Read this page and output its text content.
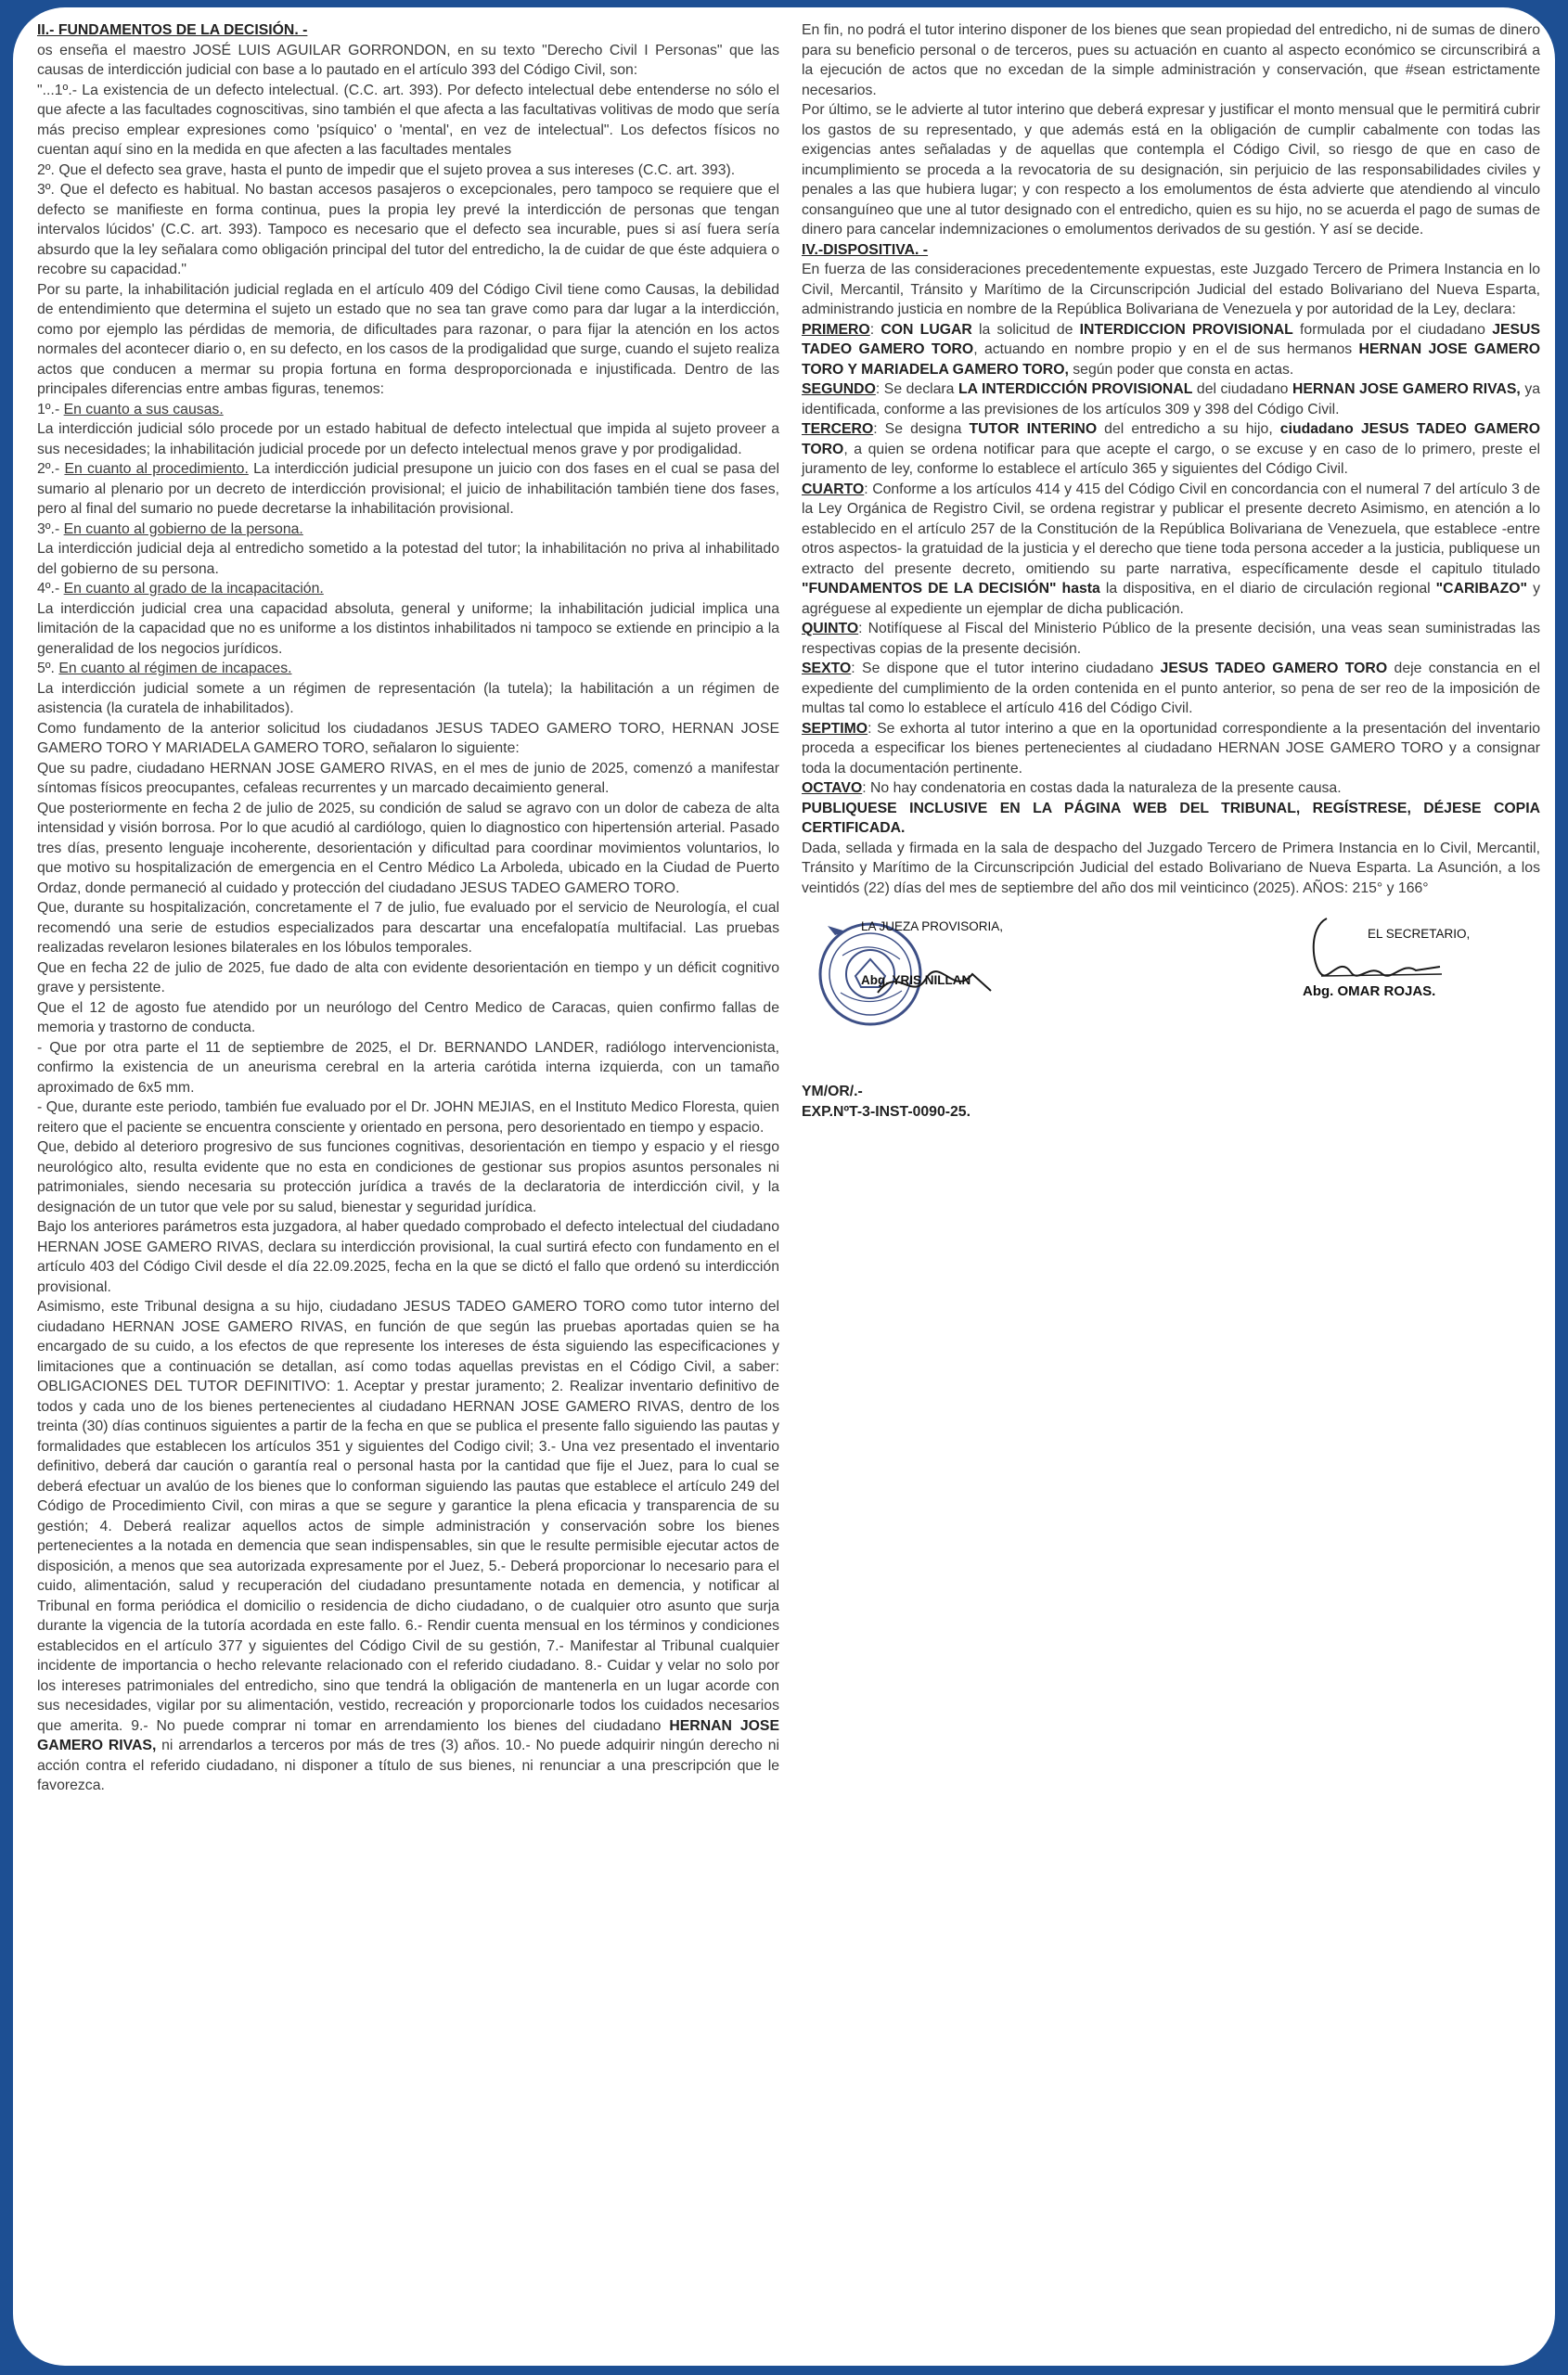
II.- FUNDAMENTOS DE LA DECISIÓN. -

os enseña el maestro JOSÉ LUIS AGUILAR GORRONDON, en su texto "Derecho Civil I Personas" que las causas de interdicción judicial con base a lo pautado en el artículo 393 del Código Civil, son:

"...1º.- La existencia de un defecto intelectual. (C.C. art. 393). Por defecto intelectual debe entenderse no sólo el que afecte a las facultades cognoscitivas, sino también el que afecta a las facultativas volitivas de modo que sería más preciso emplear expresiones como 'psíquico' o 'mental', en vez de intelectual". Los defectos físicos no cuentan aquí sino en la medida en que afecten a las facultades mentales

2º. Que el defecto sea grave, hasta el punto de impedir que el sujeto provea a sus intereses (C.C. art. 393).

3º. Que el defecto es habitual. No bastan accesos pasajeros o excepcionales, pero tampoco se requiere que el defecto se manifieste en forma continua, pues la propia ley prevé la interdicción de personas que tengan intervalos lúcidos' (C.C. art. 393). Tampoco es necesario que el defecto sea incurable, pues si así fuera sería absurdo que la ley señalara como obligación principal del tutor del entredicho, la de cuidar de que éste adquiera o recobre su capacidad."

Por su parte, la inhabilitación judicial reglada en el artículo 409 del Código Civil tiene como Causas, la debilidad de entendimiento que determina el sujeto un estado que no sea tan grave como para dar lugar a la interdicción, como por ejemplo las pérdidas de memoria, de dificultades para razonar, o para fijar la atención en los actos normales del acontecer diario o, en su defecto, en los casos de la prodigalidad que surge, cuando el sujeto realiza actos que conducen a mermar su propia fortuna en forma desproporcionada e injustificada. Dentro de las principales diferencias entre ambas figuras, tenemos:

1º.- En cuanto a sus causas.

La interdicción judicial sólo procede por un estado habitual de defecto intelectual que impida al sujeto proveer a sus necesidades; la inhabilitación judicial procede por un defecto intelectual menos grave y por prodigalidad.

2º.- En cuanto al procedimiento. La interdicción judicial presupone un juicio con dos fases en el cual se pasa del sumario al plenario por un decreto de interdicción provisional; el juicio de inhabilitación también tiene dos fases, pero al final del sumario no puede decretarse la inhabilitación provisional.

3º.- En cuanto al gobierno de la persona.

La interdicción judicial deja al entredicho sometido a la potestad del tutor; la inhabilitación no priva al inhabilitado del gobierno de su persona.

4º.- En cuanto al grado de la incapacitación.

La interdicción judicial crea una capacidad absoluta, general y uniforme; la inhabilitación judicial implica una limitación de la capacidad que no es uniforme a los distintos inhabilitados ni tampoco se extiende en principio a la generalidad de los negocios jurídicos.

5º. En cuanto al régimen de incapaces.

La interdicción judicial somete a un régimen de representación (la tutela); la habilitación a un régimen de asistencia (la curatela de inhabilitados).

Como fundamento de la anterior solicitud los ciudadanos JESUS TADEO GAMERO TORO, HERNAN JOSE GAMERO TORO Y MARIADELA GAMERO TORO, señalaron lo siguiente:

Que su padre, ciudadano HERNAN JOSE GAMERO RIVAS, en el mes de junio de 2025, comenzó a manifestar síntomas físicos preocupantes, cefaleas recurrentes y un marcado decaimiento general.

Que posteriormente en fecha 2 de julio de 2025, su condición de salud se agravo con un dolor de cabeza de alta intensidad y visión borrosa. Por lo que acudió al cardiólogo, quien lo diagnostico con hipertensión arterial. Pasado tres días, presento lenguaje incoherente, desorientación y dificultad para coordinar movimientos voluntarios, lo que motivo su hospitalización de emergencia en el Centro Médico La Arboleda, ubicado en la Ciudad de Puerto Ordaz, donde permaneció al cuidado y protección del ciudadano JESUS TADEO GAMERO TORO.

Que, durante su hospitalización, concretamente el 7 de julio, fue evaluado por el servicio de Neurología, el cual recomendó una serie de estudios especializados para descartar una encefalopatía multifacial. Las pruebas realizadas revelaron lesiones bilaterales en los lóbulos temporales.

Que en fecha 22 de julio de 2025, fue dado de alta con evidente desorientación en tiempo y un déficit cognitivo grave y persistente.

Que el 12 de agosto fue atendido por un neurólogo del Centro Medico de Caracas, quien confirmo fallas de memoria y trastorno de conducta.

- Que por otra parte el 11 de septiembre de 2025, el Dr. BERNANDO LANDER, radiólogo intervencionista, confirmo la existencia de un aneurisma cerebral en la arteria carótida interna izquierda, con un tamaño aproximado de 6x5 mm.

- Que, durante este periodo, también fue evaluado por el Dr. JOHN MEJIAS, en el Instituto Medico Floresta, quien reitero que el paciente se encuentra consciente y orientado en persona, pero desorientado en tiempo y espacio.

Que, debido al deterioro progresivo de sus funciones cognitivas, desorientación en tiempo y espacio y el riesgo neurológico alto, resulta evidente que no esta en condiciones de gestionar sus propios asuntos personales ni patrimoniales, siendo necesaria su protección jurídica a través de la declaratoria de interdicción civil, y la designación de un tutor que vele por su salud, bienestar y seguridad jurídica.

Bajo los anteriores parámetros esta juzgadora, al haber quedado comprobado el defecto intelectual del ciudadano HERNAN JOSE GAMERO RIVAS, declara su interdicción provisional, la cual surtirá efecto con fundamento en el artículo 403 del Código Civil desde el día 22.09.2025, fecha en la que se dictó el fallo que ordenó su interdicción provisional.

Asimismo, este Tribunal designa a su hijo, ciudadano JESUS TADEO GAMERO TORO como tutor interno del ciudadano HERNAN JOSE GAMERO RIVAS, en función de que según las pruebas aportadas quien se ha encargado de su cuido, a los efectos de que represente los intereses de ésta siguiendo las especificaciones y limitaciones que a continuación se detallan, así como todas aquellas previstas en el Código Civil, a saber: OBLIGACIONES DEL TUTOR DEFINITIVO: 1. Aceptar y prestar juramento; 2. Realizar inventario definitivo de todos y cada uno de los bienes pertenecientes al ciudadano HERNAN JOSE GAMERO RIVAS, dentro de los treinta (30) días continuos siguientes a partir de la fecha en que se publica el presente fallo siguiendo las pautas y formalidades que establecen los artículos 351 y siguientes del Codigo civil; 3.- Una vez presentado el inventario definitivo, deberá dar caución o garantía real o personal hasta por la cantidad que fije el Juez, para lo cual se deberá efectuar un avalúo de los bienes que lo conforman siguiendo las pautas que establece el artículo 249 del Código de Procedimiento Civil, con miras a que se segure y garantice la plena eficacia y transparencia de su gestión; 4. Deberá realizar aquellos actos de simple administración y conservación sobre los bienes pertenecientes a la notada en demencia que sean indispensables, sin que le resulte permisible ejecutar actos de disposición, a menos que sea autorizada expresamente por el Juez, 5.- Deberá proporcionar lo necesario para el cuido, alimentación, salud y recuperación del ciudadano presuntamente notada en demencia, y notificar al Tribunal en forma periódica el domicilio o residencia de dicho ciudadano, o de cualquier otro asunto que surja durante la vigencia de la tutoría acordada en este fallo. 6.- Rendir cuenta mensual en los términos y condiciones establecidos en el artículo 377 y siguientes del Código Civil de su gestión, 7.- Manifestar al Tribunal cualquier incidente de importancia o hecho relevante relacionado con el referido ciudadano. 8.- Cuidar y velar no solo por los intereses patrimoniales del entredicho, sino que tendrá la obligación de mantenerla en un lugar acorde con sus necesidades, vigilar por su alimentación, vestido, recreación y proporcionarle todos los cuidados necesarios que amerita. 9.- No puede comprar ni tomar en arrendamiento los bienes del ciudadano HERNAN JOSE GAMERO RIVAS, ni arrendarlos a terceros por más de tres (3) años. 10.- No puede adquirir ningún derecho ni acción contra el referido ciudadano, ni disponer a título de sus bienes, ni renunciar a una prescripción que le favorezca.

En fin, no podrá el tutor interino disponer de los bienes que sean propiedad del entredicho, ni de sumas de dinero para su beneficio personal o de terceros, pues su actuación en cuanto al aspecto económico se circunscribirá a la ejecución de actos que no excedan de la simple administración y conservación, que #sean estrictamente necesarios.

Por último, se le advierte al tutor interino que deberá expresar y justificar el monto mensual que le permitirá cubrir los gastos de su representado, y que además está en la obligación de cumplir cabalmente con todas las exigencias antes señaladas y de aquellas que contempla el Código Civil, so riesgo de que en caso de incumplimiento se proceda a la revocatoria de su designación, sin perjuicio de las responsabilidades civiles y penales a las que hubiera lugar; y con respecto a los emolumentos de ésta advierte que atendiendo al vinculo consanguíneo que une al tutor designado con el entredicho, quien es su hijo, no se acuerda el pago de sumas de dinero para cancelar indemnizaciones o emolumentos derivados de su gestión. Y así se decide.

IV.-DISPOSITIVA. -

En fuerza de las consideraciones precedentemente expuestas, este Juzgado Tercero de Primera Instancia en lo Civil, Mercantil, Tránsito y Marítimo de la Circunscripción Judicial del estado Bolivariano del Nueva Esparta, administrando justicia en nombre de la República Bolivariana de Venezuela y por autoridad de la Ley, declara:

PRIMERO: CON LUGAR la solicitud de INTERDICCION PROVISIONAL formulada por el ciudadano JESUS TADEO GAMERO TORO, actuando en nombre propio y en el de sus hermanos HERNAN JOSE GAMERO TORO Y MARIADELA GAMERO TORO, según poder que consta en actas.

SEGUNDO: Se declara LA INTERDICCIÓN PROVISIONAL del ciudadano HERNAN JOSE GAMERO RIVAS, ya identificada, conforme a las previsiones de los artículos 309 y 398 del Código Civil.

TERCERO: Se designa TUTOR INTERINO del entredicho a su hijo, ciudadano JESUS TADEO GAMERO TORO, a quien se ordena notificar para que acepte el cargo, o se excuse y en caso de lo primero, preste el juramento de ley, conforme lo establece el artículo 365 y siguientes del Código Civil.

CUARTO: Conforme a los artículos 414 y 415 del Código Civil en concordancia con el numeral 7 del artículo 3 de la Ley Orgánica de Registro Civil, se ordena registrar y publicar el presente decreto Asimismo, en atención a lo establecido en el artículo 257 de la Constitución de la República Bolivariana de Venezuela, que establece -entre otros aspectos- la gratuidad de la justicia y el derecho que tiene toda persona acceder a la justicia, publiquese un extracto del presente decreto, omitiendo su parte narrativa, específicamente desde el capitulo titulado "FUNDAMENTOS DE LA DECISIÓN" hasta la dispositiva, en el diario de circulación regional "CARIBAZO" y agréguese al expediente un ejemplar de dicha publicación.

QUINTO: Notifíquese al Fiscal del Ministerio Público de la presente decisión, una veas sean suministradas las respectivas copias de la presente decisión.

SEXTO: Se dispone que el tutor interino ciudadano JESUS TADEO GAMERO TORO deje constancia en el expediente del cumplimiento de la orden contenida en el punto anterior, so pena de ser reo de la imposición de multas tal como lo establece el artículo 416 del Código Civil.

SEPTIMO: Se exhorta al tutor interino a que en la oportunidad correspondiente a la presentación del inventario proceda a especificar los bienes pertenecientes al ciudadano HERNAN JOSE GAMERO TORO y a consignar toda la documentación pertinente.

OCTAVO: No hay condenatoria en costas dada la naturaleza de la presente causa.

PUBLIQUESE INCLUSIVE EN LA PÁGINA WEB DEL TRIBUNAL, REGÍSTRESE, DÉJESE COPIA CERTIFICADA.

Dada, sellada y firmada en la sala de despacho del Juzgado Tercero de Primera Instancia en lo Civil, Mercantil, Tránsito y Marítimo de la Circunscripción Judicial del estado Bolivariano de Nueva Esparta. La Asunción, a los veintidós (22) días del mes de septiembre del año dos mil veinticinco (2025). AÑOS: 215° y 166°

LA JUEZA PROVISORIA,
Abg. YRIS NILLAN
EL SECRETARIO,
Abg. OMAR ROJAS.

YM/OR/.-

EXP.NºT-3-INST-0090-25.
